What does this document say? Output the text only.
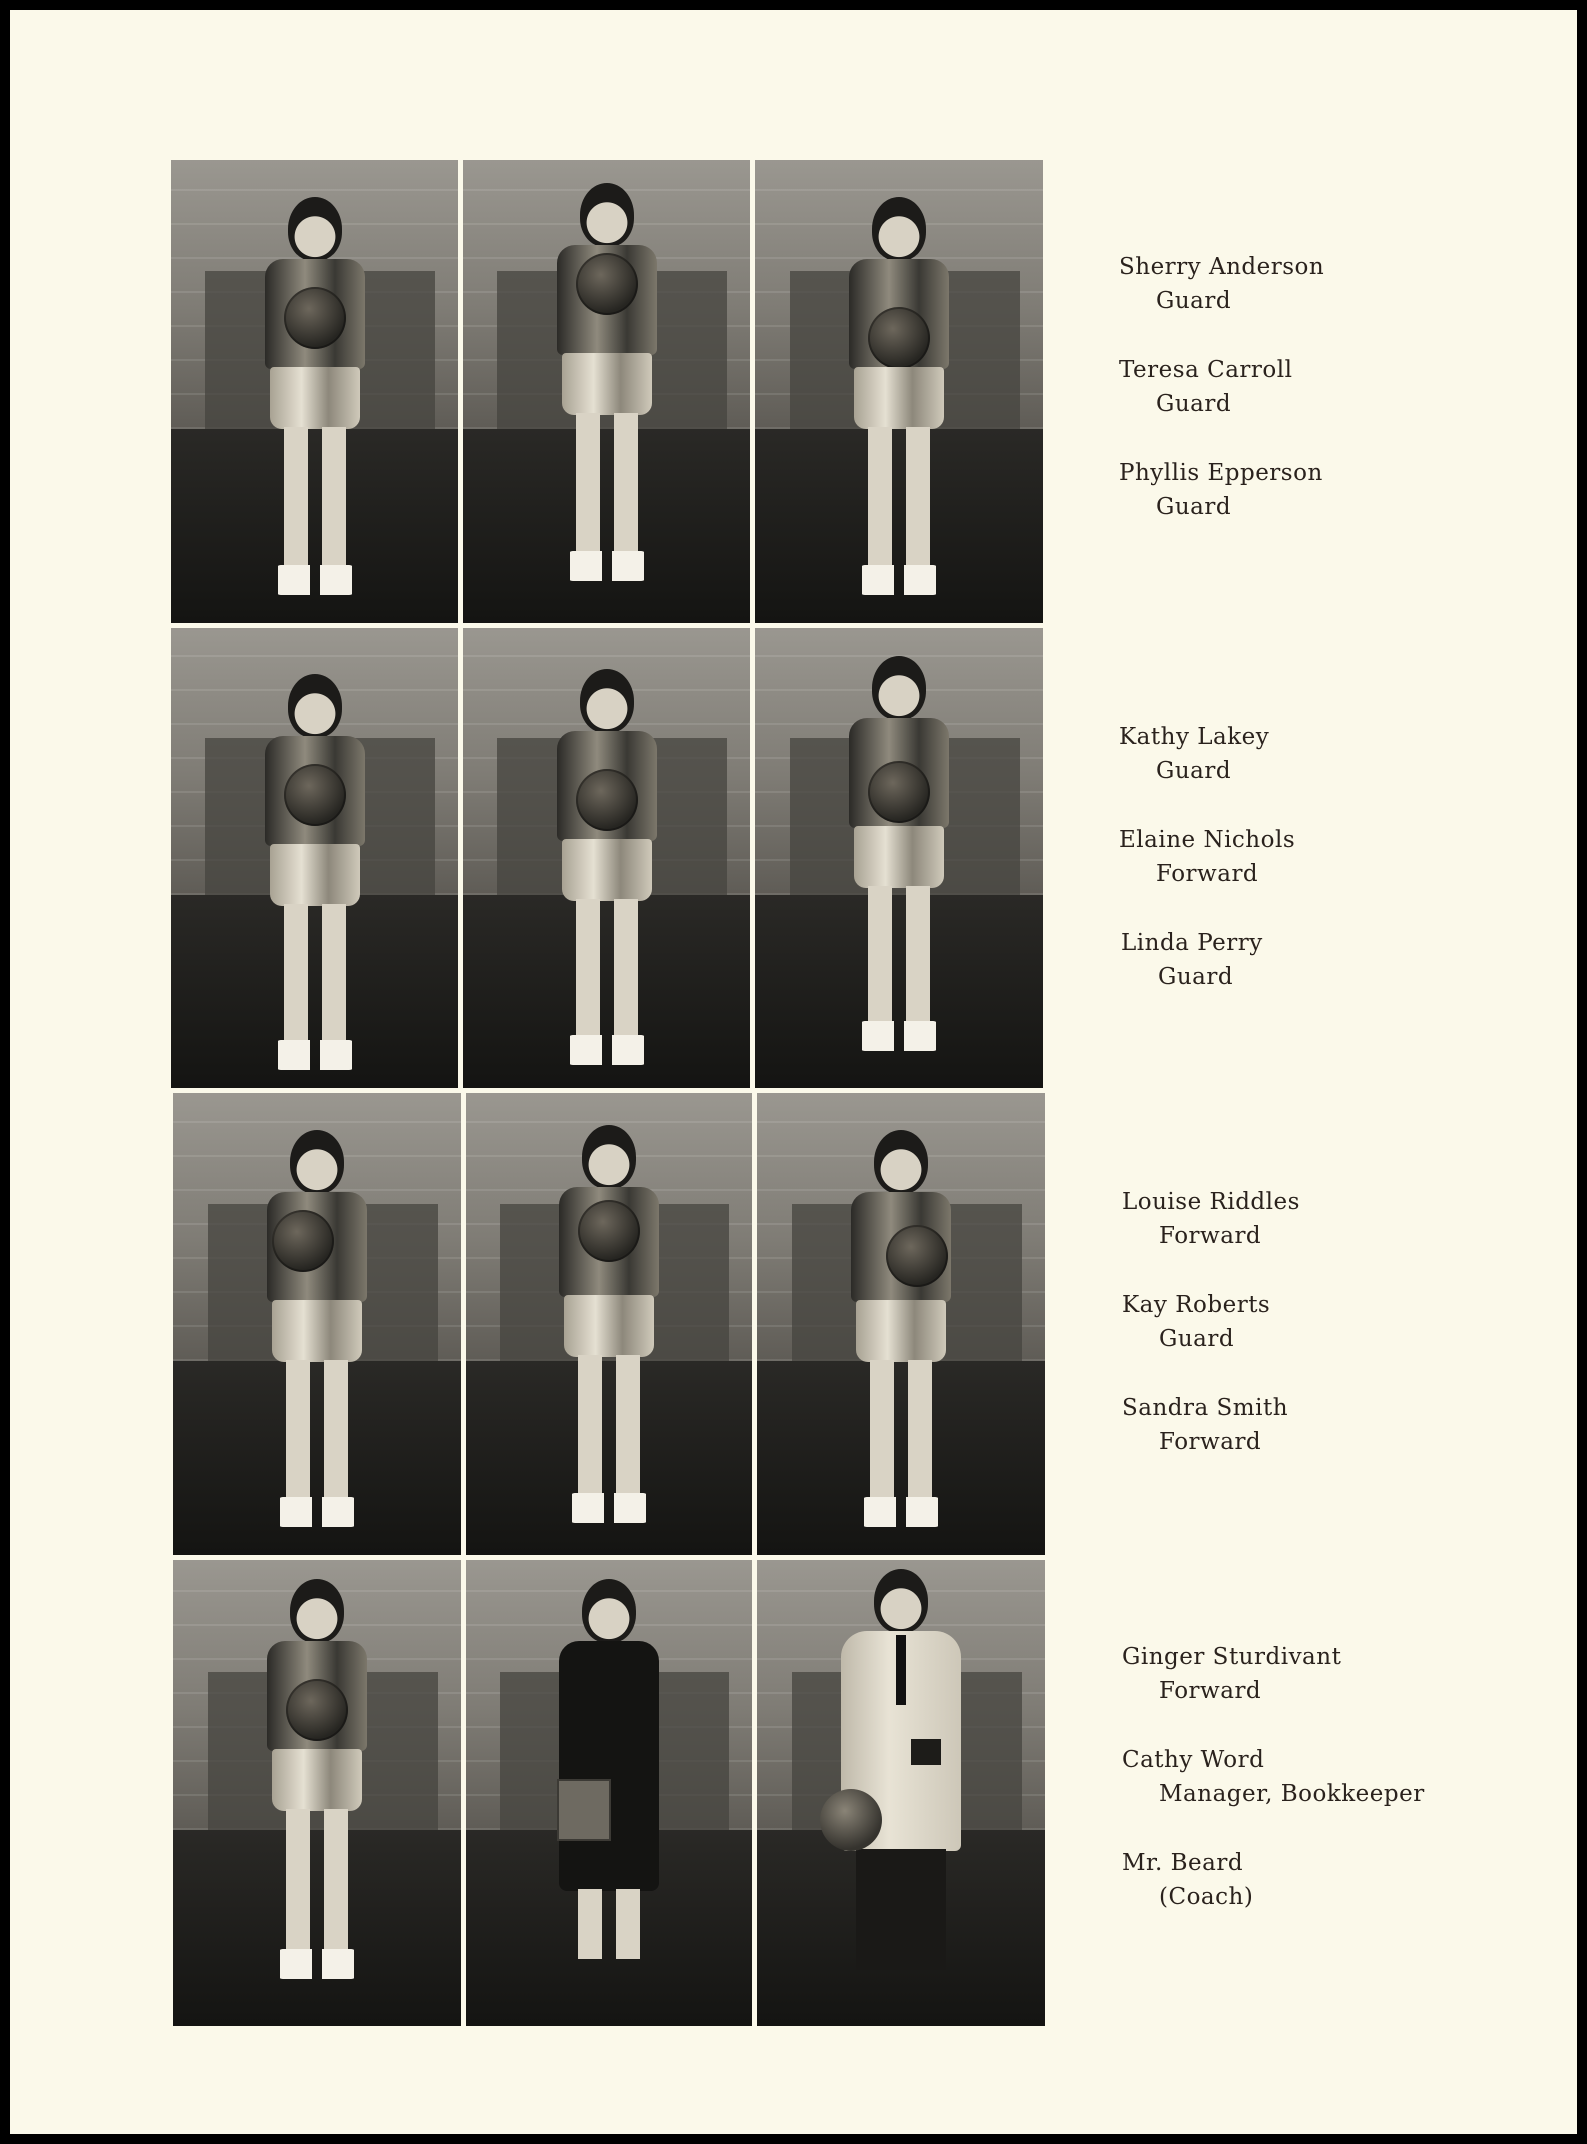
Sherry Anderson
Guard
Teresa Carroll
Guard
Phyllis Epperson
Guard
Kathy Lakey
Guard
Elaine Nichols
Forward
Linda Perry
Guard
Louise Riddles
Forward
Kay Roberts
Guard
Sandra Smith
Forward
Ginger Sturdivant
Forward
Cathy Word
Manager, Bookkeeper
Mr. Beard
(Coach)
